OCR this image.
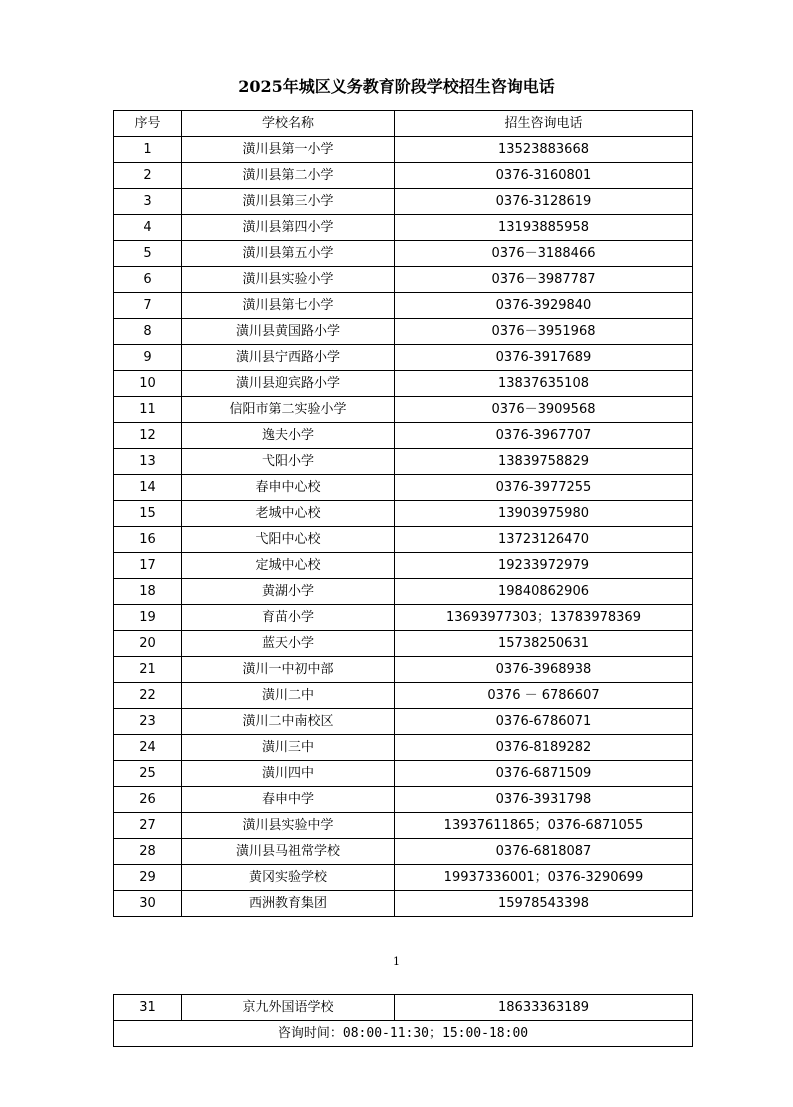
2025年城区义务教育阶段学校招生咨询电话
序号	学校名称	招生咨询电话
1	潢川县第一小学	13523883668
2	潢川县第二小学	0376-3160801
3	潢川县第三小学	0376-3128619
4	潢川县第四小学	13193885958
5	潢川县第五小学	0376－3188466
6	潢川县实验小学	0376－3987787
7	潢川县第七小学	0376-3929840
8	潢川县黄国路小学	0376－3951968
9	潢川县宁西路小学	0376-3917689
10	潢川县迎宾路小学	13837635108
11	信阳市第二实验小学	0376－3909568
12	逸夫小学	0376-3967707
13	弋阳小学	13839758829
14	春申中心校	0376-3977255
15	老城中心校	13903975980
16	弋阳中心校	13723126470
17	定城中心校	19233972979
18	黄湖小学	19840862906
19	育苗小学	13693977303；13783978369
20	蓝天小学	15738250631
21	潢川一中初中部	0376-3968938
22	潢川二中	0376 － 6786607
23	潢川二中南校区	0376-6786071
24	潢川三中	0376-8189282
25	潢川四中	0376-6871509
26	春申中学	0376-3931798
27	潢川县实验中学	13937611865；0376-6871055
28	潢川县马祖常学校	0376-6818087
29	黄冈实验学校	19937336001；0376-3290699
30	西洲教育集团	15978543398
1
31	京九外国语学校	18633363189
咨询时间：08:00-11:30；15:00-18:00
